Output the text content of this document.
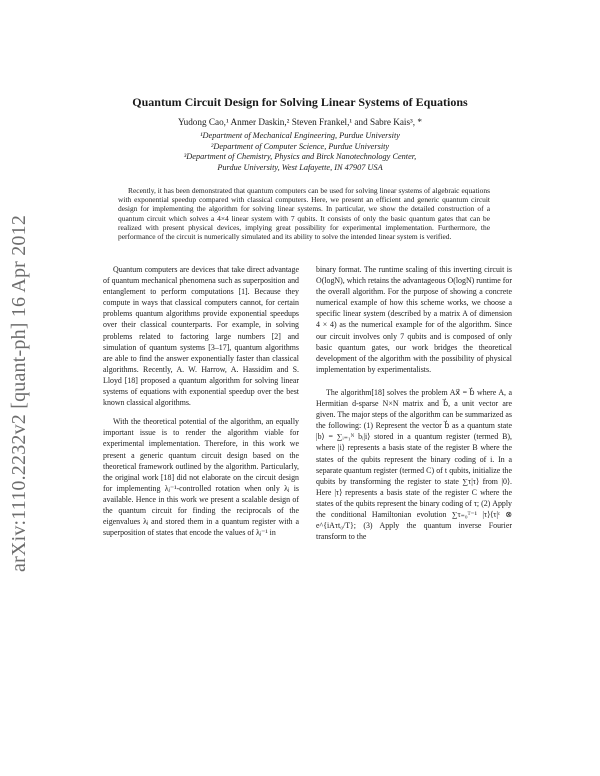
arXiv:1110.2232v2 [quant-ph] 16 Apr 2012
Quantum Circuit Design for Solving Linear Systems of Equations
Yudong Cao,¹ Anmer Daskin,² Steven Frankel,¹ and Sabre Kais³, *
¹Department of Mechanical Engineering, Purdue University
²Department of Computer Science, Purdue University
³Department of Chemistry, Physics and Birck Nanotechnology Center,
Purdue University, West Lafayette, IN 47907 USA
Recently, it has been demonstrated that quantum computers can be used for solving linear systems of algebraic equations with exponential speedup compared with classical computers. Here, we present an efficient and generic quantum circuit design for implementing the algorithm for solving linear systems. In particular, we show the detailed construction of a quantum circuit which solves a 4×4 linear system with 7 qubits. It consists of only the basic quantum gates that can be realized with present physical devices, implying great possibility for experimental implementation. Furthermore, the performance of the circuit is numerically simulated and its ability to solve the intended linear system is verified.

Quantum computers are devices that take direct advantage of quantum mechanical phenomena such as superposition and entanglement to perform computations [1]. Because they compute in ways that classical computers cannot, for certain problems quantum algorithms provide exponential speedups over their classical counterparts. For example, in solving problems related to factoring large numbers [2] and simulation of quantum systems [3–17], quantum algorithms are able to find the answer exponentially faster than classical algorithms. Recently, A. W. Harrow, A. Hassidim and S. Lloyd [18] proposed a quantum algorithm for solving linear systems of equations with exponential speedup over the best known classical algorithms.

With the theoretical potential of the algorithm, an equally important issue is to render the algorithm viable for experimental implementation. Therefore, in this work we present a generic quantum circuit design based on the theoretical framework outlined by the algorithm. Particularly, the original work [18] did not elaborate on the circuit design for implementing λⱼ⁻¹-controlled rotation when only λⱼ is available. Hence in this work we present a scalable design of the quantum circuit for finding the reciprocals of the eigenvalues λⱼ and stored them in a quantum register with a superposition of states that encode the values of λⱼ⁻¹ in

binary format. The runtime scaling of this inverting circuit is O(logN), which retains the advantageous O(logN) runtime for the overall algorithm. For the purpose of showing a concrete numerical example of how this scheme works, we choose a specific linear system (described by a matrix A of dimension 4 × 4) as the numerical example for of the algorithm. Since our circuit involves only 7 qubits and is composed of only basic quantum gates, our work bridges the theoretical development of the algorithm with the possibility of physical implementation by experimentalists.

The algorithm[18] solves the problem Ax⃗ = b⃗ where A, a Hermitian d-sparse N×N matrix and b⃗, a unit vector are given. The major steps of the algorithm can be summarized as the following: (1) Represent the vector b⃗ as a quantum state |b⟩ = ∑ᵢ₌₁ᴺ bᵢ|i⟩ stored in a quantum register (termed B), where |i⟩ represents a basis state of the register B where the states of the qubits represent the binary coding of i. In a separate quantum register (termed C) of t qubits, initialize the qubits by transforming the register to state ∑τ|τ⟩ from |0⟩. Here |τ⟩ represents a basis state of the register C where the states of the qubits represent the binary coding of τ; (2) Apply the conditional Hamiltonian evolution ∑τ₌₀ᵀ⁻¹ |τ⟩⟨τ|ᶜ ⊗ e^{iAτt₀/T}; (3) Apply the quantum inverse Fourier transform to the
